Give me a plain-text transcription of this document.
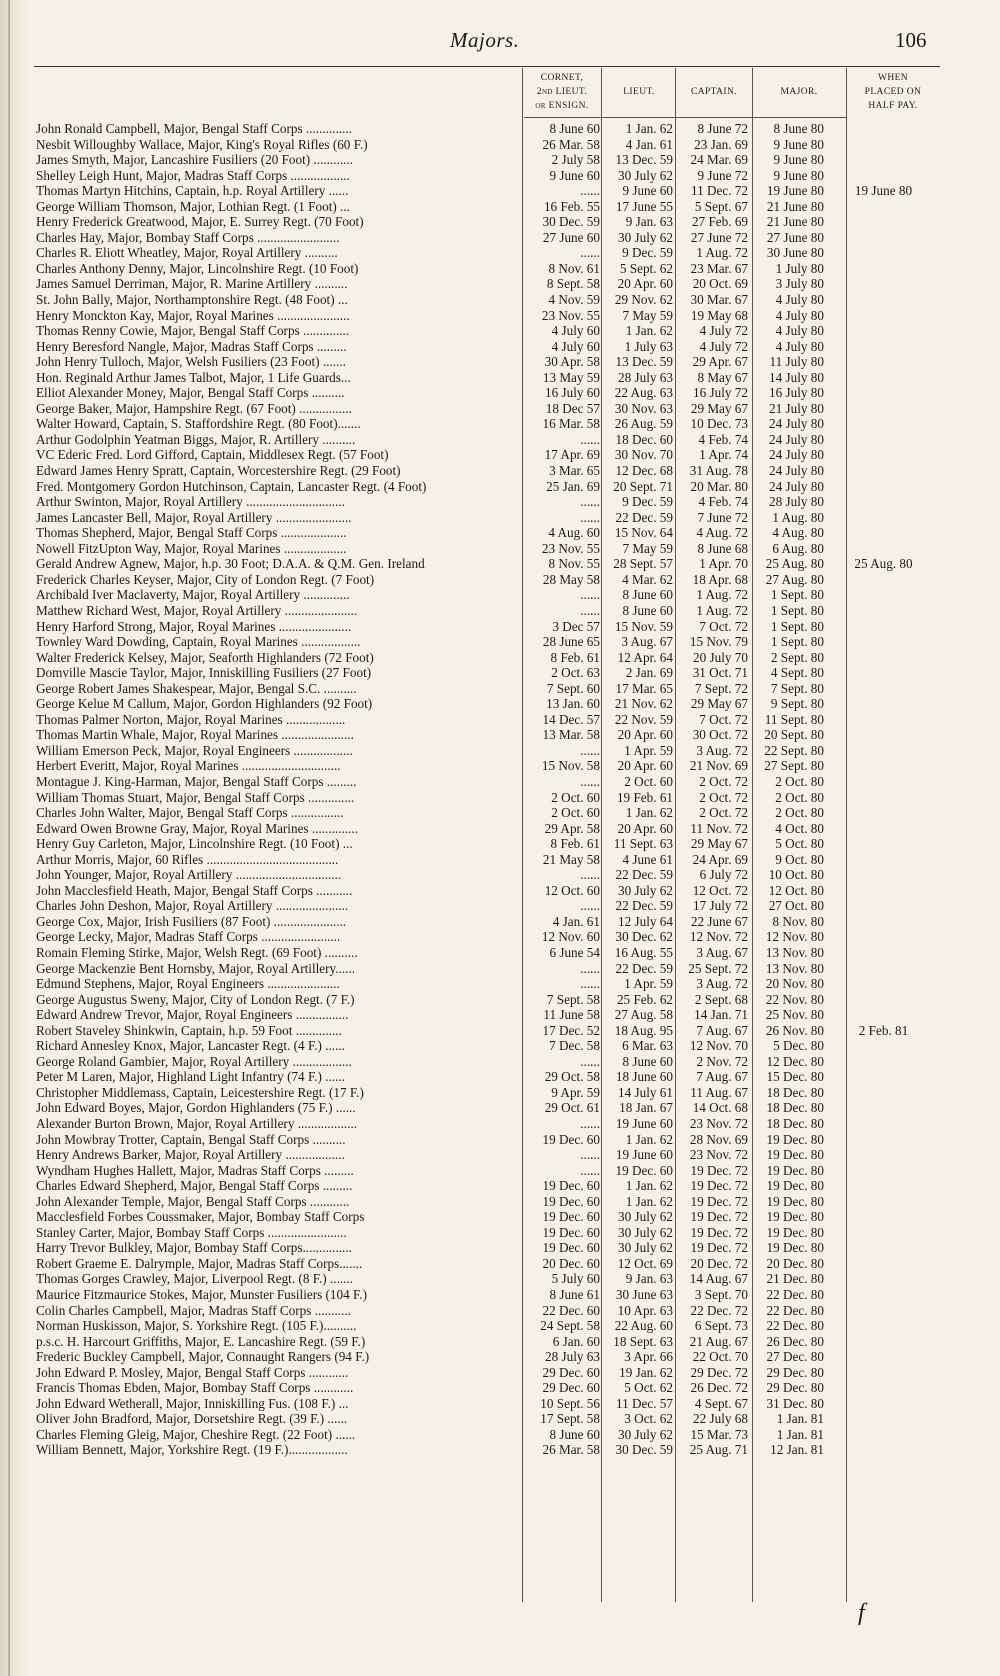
Majors.	106
CORNET,
2nd LIEUT.
or ENSIGN.
LIEUT.	CAPTAIN.	MAJOR.
WHEN
PLACED ON
HALF PAY.
John Ronald Campbell, Major, Bengal Staff Corps ..............	8 June 60	1 Jan. 62	8 June 72	8 June 80	
Nesbit Willoughby Wallace, Major, King's Royal Rifles (60 F.)	26 Mar. 58	4 Jan. 61	23 Jan. 69	9 June 80	
James Smyth, Major, Lancashire Fusiliers (20 Foot) ............	2 July 58	13 Dec. 59	24 Mar. 69	9 June 80	
Shelley Leigh Hunt, Major, Madras Staff Corps ..................	9 June 60	30 July 62	9 June 72	9 June 80	
Thomas Martyn Hitchins, Captain, h.p. Royal Artillery ......	......	9 June 60	11 Dec. 72	19 June 80	19 June 80
George William Thomson, Major, Lothian Regt. (1 Foot) ...	16 Feb. 55	17 June 55	5 Sept. 67	21 June 80	
Henry Frederick Greatwood, Major, E. Surrey Regt. (70 Foot)	30 Dec. 59	9 Jan. 63	27 Feb. 69	21 June 80	
Charles Hay, Major, Bombay Staff Corps .........................	27 June 60	30 July 62	27 June 72	27 June 80	
Charles R. Eliott Wheatley, Major, Royal Artillery ..........	......	9 Dec. 59	1 Aug. 72	30 June 80	
Charles Anthony Denny, Major, Lincolnshire Regt. (10 Foot)	8 Nov. 61	5 Sept. 62	23 Mar. 67	1 July 80	
James Samuel Derriman, Major, R. Marine Artillery ..........	8 Sept. 58	20 Apr. 60	20 Oct. 69	3 July 80	
St. John Bally, Major, Northamptonshire Regt. (48 Foot) ...	4 Nov. 59	29 Nov. 62	30 Mar. 67	4 July 80	
Henry Monckton Kay, Major, Royal Marines ......................	23 Nov. 55	7 May 59	19 May 68	4 July 80	
Thomas Renny Cowie, Major, Bengal Staff Corps ..............	4 July 60	1 Jan. 62	4 July 72	4 July 80	
Henry Beresford Nangle, Major, Madras Staff Corps .........	4 July 60	1 July 63	4 July 72	4 July 80	
John Henry Tulloch, Major, Welsh Fusiliers (23 Foot) .......	30 Apr. 58	13 Dec. 59	29 Apr. 67	11 July 80	
Hon. Reginald Arthur James Talbot, Major, 1 Life Guards...	13 May 59	28 July 63	8 May 67	14 July 80	
Elliot Alexander Money, Major, Bengal Staff Corps ..........	16 July 60	22 Aug. 63	16 July 72	16 July 80	
George Baker, Major, Hampshire Regt. (67 Foot) ................	18 Dec 57	30 Nov. 63	29 May 67	21 July 80	
Walter Howard, Captain, S. Staffordshire Regt. (80 Foot).......	16 Mar. 58	26 Aug. 59	10 Dec. 73	24 July 80	
Arthur Godolphin Yeatman Biggs, Major, R. Artillery ..........	......	18 Dec. 60	4 Feb. 74	24 July 80	
VC Ederic Fred. Lord Gifford, Captain, Middlesex Regt. (57 Foot)	17 Apr. 69	30 Nov. 70	1 Apr. 74	24 July 80	
Edward James Henry Spratt, Captain, Worcestershire Regt. (29 Foot)	3 Mar. 65	12 Dec. 68	31 Aug. 78	24 July 80	
Fred. Montgomery Gordon Hutchinson, Captain, Lancaster Regt. (4 Foot)	25 Jan. 69	20 Sept. 71	20 Mar. 80	24 July 80	
Arthur Swinton, Major, Royal Artillery ..............................	......	9 Dec. 59	4 Feb. 74	28 July 80	
James Lancaster Bell, Major, Royal Artillery .......................	......	22 Dec. 59	7 June 72	1 Aug. 80	
Thomas Shepherd, Major, Bengal Staff Corps ....................	4 Aug. 60	15 Nov. 64	4 Aug. 72	4 Aug. 80	
Nowell FitzUpton Way, Major, Royal Marines ...................	23 Nov. 55	7 May 59	8 June 68	6 Aug. 80	
Gerald Andrew Agnew, Major, h.p. 30 Foot; D.A.A. & Q.M. Gen. Ireland	8 Nov. 55	28 Sept. 57	1 Apr. 70	25 Aug. 80	25 Aug. 80
Frederick Charles Keyser, Major, City of London Regt. (7 Foot)	28 May 58	4 Mar. 62	18 Apr. 68	27 Aug. 80	
Archibald Iver Maclaverty, Major, Royal Artillery ..............	......	8 June 60	1 Aug. 72	1 Sept. 80	
Matthew Richard West, Major, Royal Artillery ......................	......	8 June 60	1 Aug. 72	1 Sept. 80	
Henry Harford Strong, Major, Royal Marines ......................	3 Dec 57	15 Nov. 59	7 Oct. 72	1 Sept. 80	
Townley Ward Dowding, Captain, Royal Marines ..................	28 June 65	3 Aug. 67	15 Nov. 79	1 Sept. 80	
Walter Frederick Kelsey, Major, Seaforth Highlanders (72 Foot)	8 Feb. 61	12 Apr. 64	20 July 70	2 Sept. 80	
Domville Mascie Taylor, Major, Inniskilling Fusiliers (27 Foot)	2 Oct. 63	2 Jan. 69	31 Oct. 71	4 Sept. 80	
George Robert James Shakespear, Major, Bengal S.C. ..........	7 Sept. 60	17 Mar. 65	7 Sept. 72	7 Sept. 80	
George Kelue M Callum, Major, Gordon Highlanders (92 Foot)	13 Jan. 60	21 Nov. 62	29 May 67	9 Sept. 80	
Thomas Palmer Norton, Major, Royal Marines ..................	14 Dec. 57	22 Nov. 59	7 Oct. 72	11 Sept. 80	
Thomas Martin Whale, Major, Royal Marines ......................	13 Mar. 58	20 Apr. 60	30 Oct. 72	20 Sept. 80	
William Emerson Peck, Major, Royal Engineers ..................	......	1 Apr. 59	3 Aug. 72	22 Sept. 80	
Herbert Everitt, Major, Royal Marines ..............................	15 Nov. 58	20 Apr. 60	21 Nov. 69	27 Sept. 80	
Montague J. King-Harman, Major, Bengal Staff Corps .........	......	2 Oct. 60	2 Oct. 72	2 Oct. 80	
William Thomas Stuart, Major, Bengal Staff Corps ..............	2 Oct. 60	19 Feb. 61	2 Oct. 72	2 Oct. 80	
Charles John Walter, Major, Bengal Staff Corps ................	2 Oct. 60	1 Jan. 62	2 Oct. 72	2 Oct. 80	
Edward Owen Browne Gray, Major, Royal Marines ..............	29 Apr. 58	20 Apr. 60	11 Nov. 72	4 Oct. 80	
Henry Guy Carleton, Major, Lincolnshire Regt. (10 Foot) ...	8 Feb. 61	11 Sept. 63	29 May 67	5 Oct. 80	
Arthur Morris, Major, 60 Rifles ........................................	21 May 58	4 June 61	24 Apr. 69	9 Oct. 80	
John Younger, Major, Royal Artillery ................................	......	22 Dec. 59	6 July 72	10 Oct. 80	
John Macclesfield Heath, Major, Bengal Staff Corps ...........	12 Oct. 60	30 July 62	12 Oct. 72	12 Oct. 80	
Charles John Deshon, Major, Royal Artillery ......................	......	22 Dec. 59	17 July 72	27 Oct. 80	
George Cox, Major, Irish Fusiliers (87 Foot) ......................	4 Jan. 61	12 July 64	22 June 67	8 Nov. 80	
George Lecky, Major, Madras Staff Corps ........................	12 Nov. 60	30 Dec. 62	12 Nov. 72	12 Nov. 80	
Romain Fleming Stirke, Major, Welsh Regt. (69 Foot) ..........	6 June 54	16 Aug. 55	3 Aug. 67	13 Nov. 80	
George Mackenzie Bent Hornsby, Major, Royal Artillery......	......	22 Dec. 59	25 Sept. 72	13 Nov. 80	
Edmund Stephens, Major, Royal Engineers ......................	......	1 Apr. 59	3 Aug. 72	20 Nov. 80	
George Augustus Sweny, Major, City of London Regt. (7 F.)	7 Sept. 58	25 Feb. 62	2 Sept. 68	22 Nov. 80	
Edward Andrew Trevor, Major, Royal Engineers ................	11 June 58	27 Aug. 58	14 Jan. 71	25 Nov. 80	
Robert Staveley Shinkwin, Captain, h.p. 59 Foot ..............	17 Dec. 52	18 Aug. 95	7 Aug. 67	26 Nov. 80	2 Feb. 81
Richard Annesley Knox, Major, Lancaster Regt. (4 F.) ......	7 Dec. 58	6 Mar. 63	12 Nov. 70	5 Dec. 80	
George Roland Gambier, Major, Royal Artillery ..................	......	8 June 60	2 Nov. 72	12 Dec. 80	
Peter M Laren, Major, Highland Light Infantry (74 F.) ......	29 Oct. 58	18 June 60	7 Aug. 67	15 Dec. 80	
Christopher Middlemass, Captain, Leicestershire Regt. (17 F.)	9 Apr. 59	14 July 61	11 Aug. 67	18 Dec. 80	
John Edward Boyes, Major, Gordon Highlanders (75 F.) ......	29 Oct. 61	18 Jan. 67	14 Oct. 68	18 Dec. 80	
Alexander Burton Brown, Major, Royal Artillery ..................	......	19 June 60	23 Nov. 72	18 Dec. 80	
John Mowbray Trotter, Captain, Bengal Staff Corps ..........	19 Dec. 60	1 Jan. 62	28 Nov. 69	19 Dec. 80	
Henry Andrews Barker, Major, Royal Artillery ..................	......	19 June 60	23 Nov. 72	19 Dec. 80	
Wyndham Hughes Hallett, Major, Madras Staff Corps .........	......	19 Dec. 60	19 Dec. 72	19 Dec. 80	
Charles Edward Shepherd, Major, Bengal Staff Corps .........	19 Dec. 60	1 Jan. 62	19 Dec. 72	19 Dec. 80	
John Alexander Temple, Major, Bengal Staff Corps ............	19 Dec. 60	1 Jan. 62	19 Dec. 72	19 Dec. 80	
Macclesfield Forbes Coussmaker, Major, Bombay Staff Corps	19 Dec. 60	30 July 62	19 Dec. 72	19 Dec. 80	
Stanley Carter, Major, Bombay Staff Corps ........................	19 Dec. 60	30 July 62	19 Dec. 72	19 Dec. 80	
Harry Trevor Bulkley, Major, Bombay Staff Corps...............	19 Dec. 60	30 July 62	19 Dec. 72	19 Dec. 80	
Robert Graeme E. Dalrymple, Major, Madras Staff Corps.......	20 Dec. 60	12 Oct. 69	20 Dec. 72	20 Dec. 80	
Thomas Gorges Crawley, Major, Liverpool Regt. (8 F.) .......	5 July 60	9 Jan. 63	14 Aug. 67	21 Dec. 80	
Maurice Fitzmaurice Stokes, Major, Munster Fusiliers (104 F.)	8 June 61	30 June 63	3 Sept. 70	22 Dec. 80	
Colin Charles Campbell, Major, Madras Staff Corps ...........	22 Dec. 60	10 Apr. 63	22 Dec. 72	22 Dec. 80	
Norman Huskisson, Major, S. Yorkshire Regt. (105 F.)..........	24 Sept. 58	22 Aug. 60	6 Sept. 73	22 Dec. 80	
p.s.c. H. Harcourt Griffiths, Major, E. Lancashire Regt. (59 F.)	6 Jan. 60	18 Sept. 63	21 Aug. 67	26 Dec. 80	
Frederic Buckley Campbell, Major, Connaught Rangers (94 F.)	28 July 63	3 Apr. 66	22 Oct. 70	27 Dec. 80	
John Edward P. Mosley, Major, Bengal Staff Corps ............	29 Dec. 60	19 Jan. 62	29 Dec. 72	29 Dec. 80	
Francis Thomas Ebden, Major, Bombay Staff Corps ............	29 Dec. 60	5 Oct. 62	26 Dec. 72	29 Dec. 80	
John Edward Wetherall, Major, Inniskilling Fus. (108 F.) ...	10 Sept. 56	11 Dec. 57	4 Sept. 67	31 Dec. 80	
Oliver John Bradford, Major, Dorsetshire Regt. (39 F.) ......	17 Sept. 58	3 Oct. 62	22 July 68	1 Jan. 81	
Charles Fleming Gleig, Major, Cheshire Regt. (22 Foot) ......	8 June 60	30 July 62	15 Mar. 73	1 Jan. 81	
William Bennett, Major, Yorkshire Regt. (19 F.)..................	26 Mar. 58	30 Dec. 59	25 Aug. 71	12 Jan. 81	
f
